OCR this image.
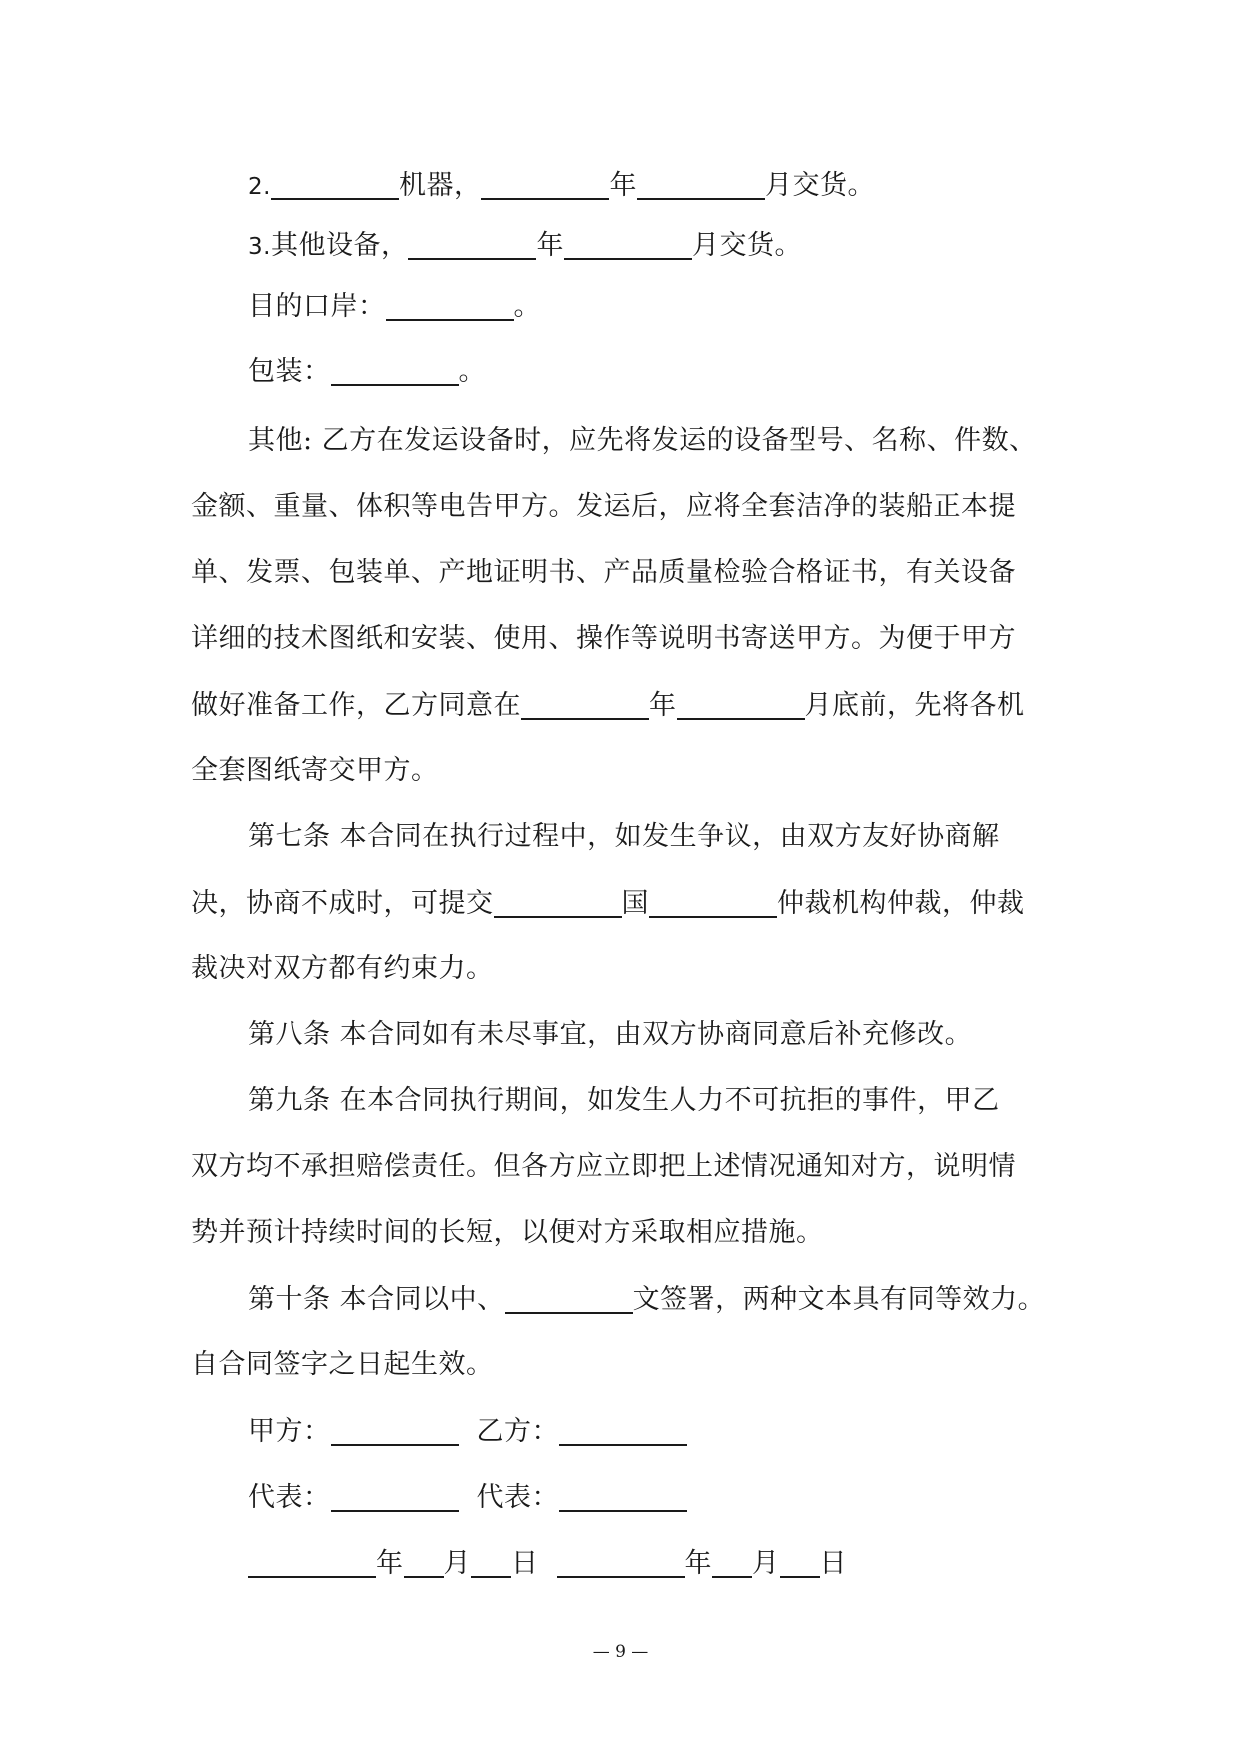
2.	机器，	年	月交货。
3.其他设备，	年	月交货。
目的口岸：	。
包装：	。
其他: 乙方在发运设备时，应先将发运的设备型号、名称、件数、
金额、重量、体积等电告甲方。发运后，应将全套洁净的装船正本提
单、发票、包装单、产地证明书、产品质量检验合格证书，有关设备
详细的技术图纸和安装、使用、操作等说明书寄送甲方。为便于甲方
做好准备工作，乙方同意在	年	月底前，先将各机
全套图纸寄交甲方。
第七条 本合同在执行过程中，如发生争议，由双方友好协商解
决，协商不成时，可提交	国	仲裁机构仲裁，仲裁
裁决对双方都有约束力。
第八条 本合同如有未尽事宜，由双方协商同意后补充修改。
第九条 在本合同执行期间，如发生人力不可抗拒的事件，甲乙
双方均不承担赔偿责任。但各方应立即把上述情况通知对方，说明情
势并预计持续时间的长短，以便对方采取相应措施。
第十条 本合同以中、	文签署，两种文本具有同等效力。
自合同签字之日起生效。
甲方：	乙方：
代表：	代表：
年 月 日	年 月 日
— 9 —
